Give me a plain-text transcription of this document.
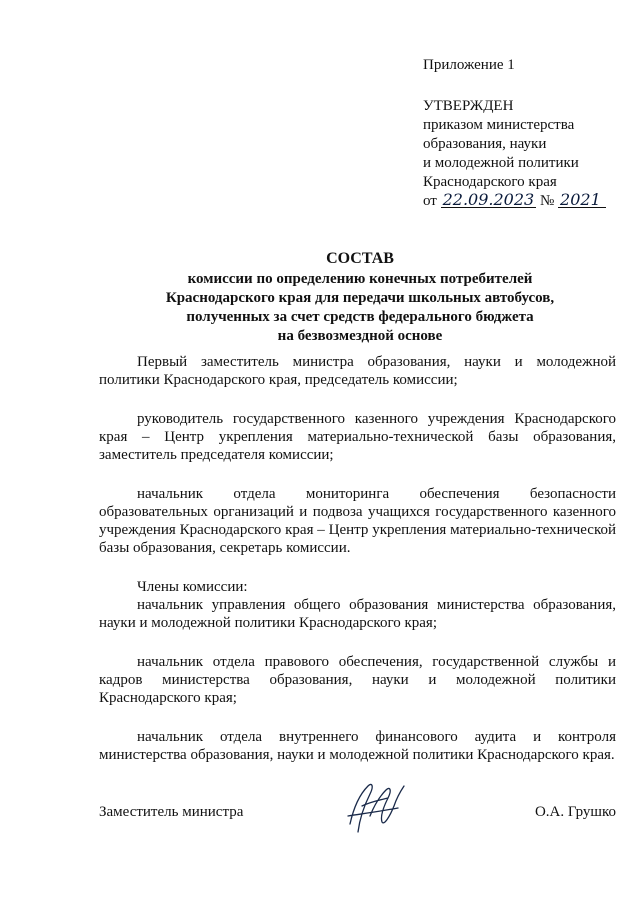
Приложение 1
УТВЕРЖДЕН
приказом министерства
образования, науки
и молодежной политики
Краснодарского края
от 22.09.2023 № 2021
СОСТАВ
комиссии по определению конечных потребителей
Краснодарского края для передачи школьных автобусов,
полученных за счет средств федерального бюджета
на безвозмездной основе

Первый заместитель министра образования, науки и молодежной политики Краснодарского края, председатель комиссии;

руководитель государственного казенного учреждения Краснодарского края – Центр укрепления материально-технической базы образования, заместитель председателя комиссии;

начальник отдела мониторинга обеспечения безопасности образовательных организаций и подвоза учащихся государственного казенного учреждения Краснодарского края – Центр укрепления материально-технической базы образования, секретарь комиссии.

Члены комиссии:

начальник управления общего образования министерства образования, науки и молодежной политики Краснодарского края;

начальник отдела правового обеспечения, государственной службы и кадров министерства образования, науки и молодежной политики Краснодарского края;

начальник отдела внутреннего финансового аудита и контроля министерства образования, науки и молодежной политики Краснодарского края.

Заместитель министра	О.А. Грушко
